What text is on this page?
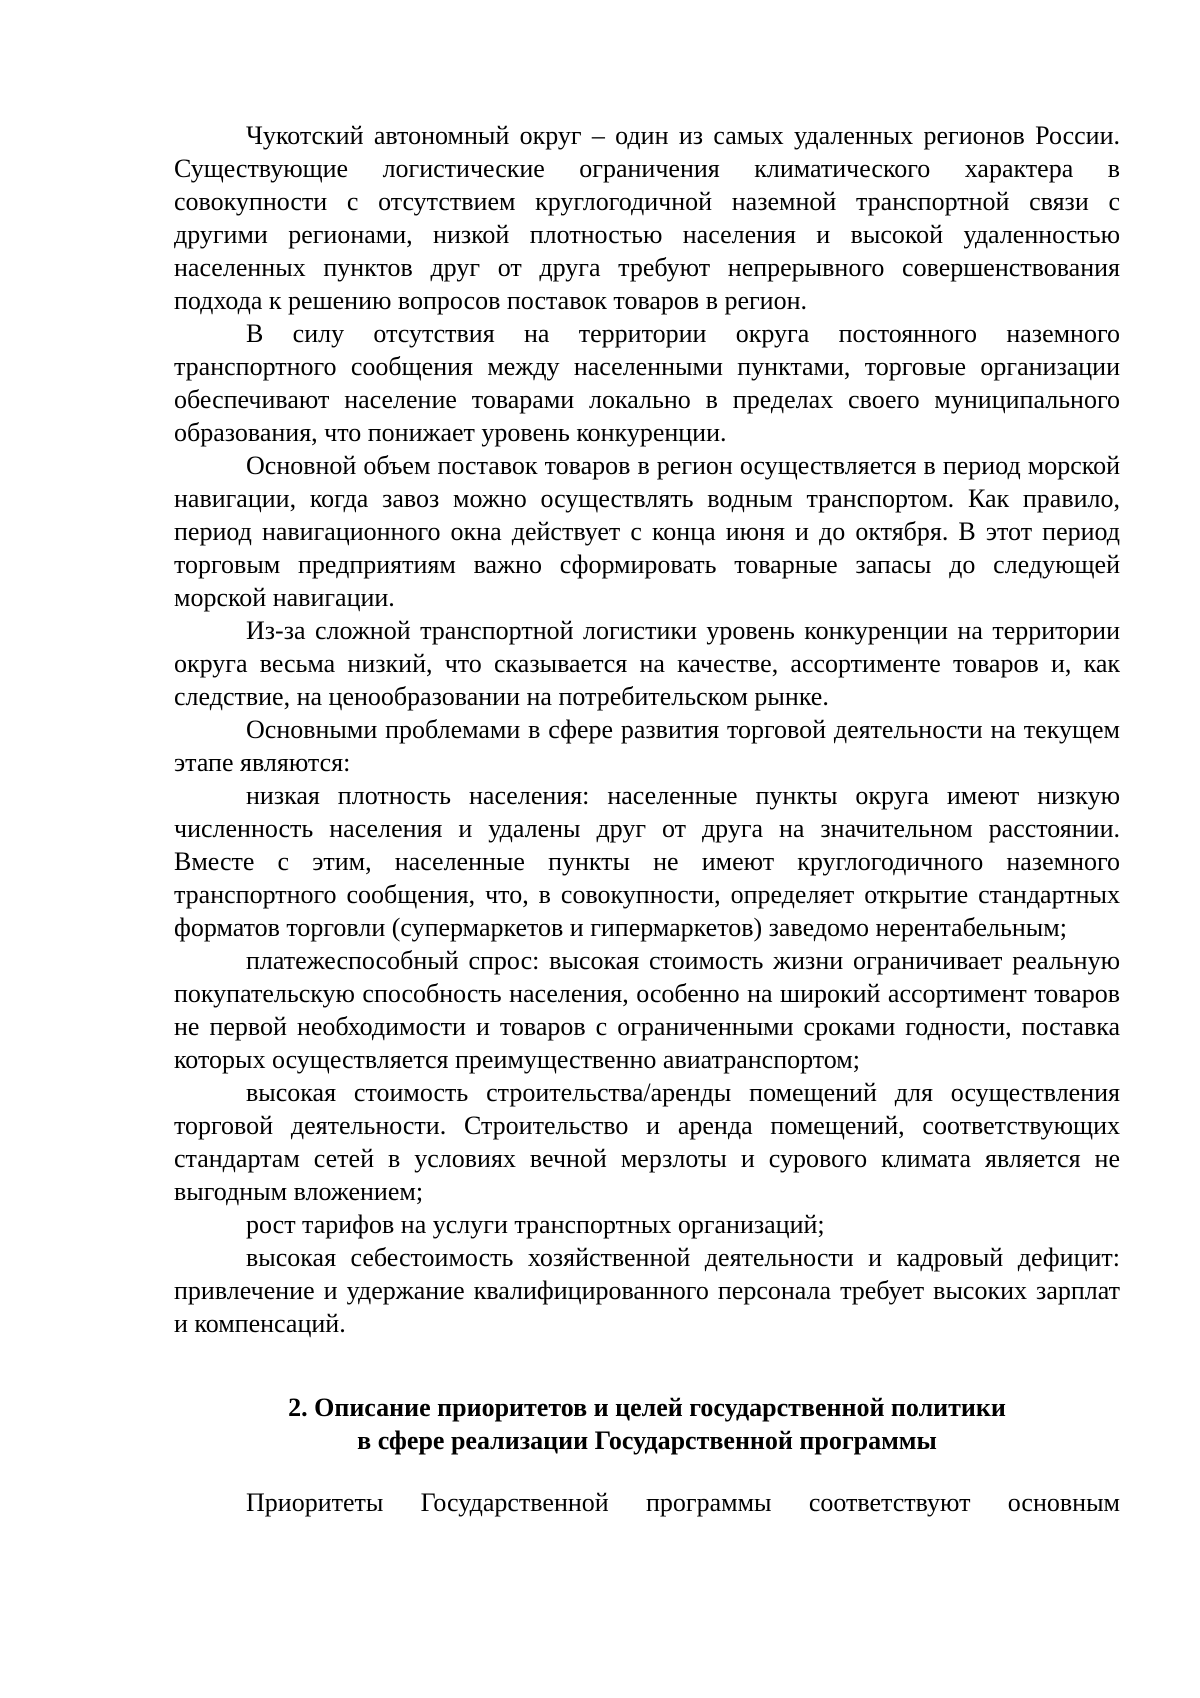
Чукотский автономный округ – один из самых удаленных регионов России. Существующие логистические ограничения климатического характера в совокупности с отсутствием круглогодичной наземной транспортной связи с другими регионами, низкой плотностью населения и высокой удаленностью населенных пунктов друг от друга требуют непрерывного совершенствования подхода к решению вопросов поставок товаров в регион.

В силу отсутствия на территории округа постоянного наземного транспортного сообщения между населенными пунктами, торговые организации обеспечивают население товарами локально в пределах своего муниципального образования, что понижает уровень конкуренции.

Основной объем поставок товаров в регион осуществляется в период морской навигации, когда завоз можно осуществлять водным транспортом. Как правило, период навигационного окна действует с конца июня и до октября. В этот период торговым предприятиям важно сформировать товарные запасы до следующей морской навигации.

Из-за сложной транспортной логистики уровень конкуренции на территории округа весьма низкий, что сказывается на качестве, ассортименте товаров и, как следствие, на ценообразовании на потребительском рынке.

Основными проблемами в сфере развития торговой деятельности на текущем этапе являются:

низкая плотность населения: населенные пункты округа имеют низкую численность населения и удалены друг от друга на значительном расстоянии. Вместе с этим, населенные пункты не имеют круглогодичного наземного транспортного сообщения, что, в совокупности, определяет открытие стандартных форматов торговли (супермаркетов и гипермаркетов) заведомо нерентабельным;

платежеспособный спрос: высокая стоимость жизни ограничивает реальную покупательскую способность населения, особенно на широкий ассортимент товаров не первой необходимости и товаров с ограниченными сроками годности, поставка которых осуществляется преимущественно авиатранспортом;

высокая стоимость строительства/аренды помещений для осуществления торговой деятельности. Строительство и аренда помещений, соответствующих стандартам сетей в условиях вечной мерзлоты и сурового климата является не выгодным вложением;

рост тарифов на услуги транспортных организаций;

высокая себестоимость хозяйственной деятельности и кадровый дефицит: привлечение и удержание квалифицированного персонала требует высоких зарплат и компенсаций.

2. Описание приоритетов и целей государственной политики
в сфере реализации Государственной программы

Приоритеты Государственной программы соответствуют основным
